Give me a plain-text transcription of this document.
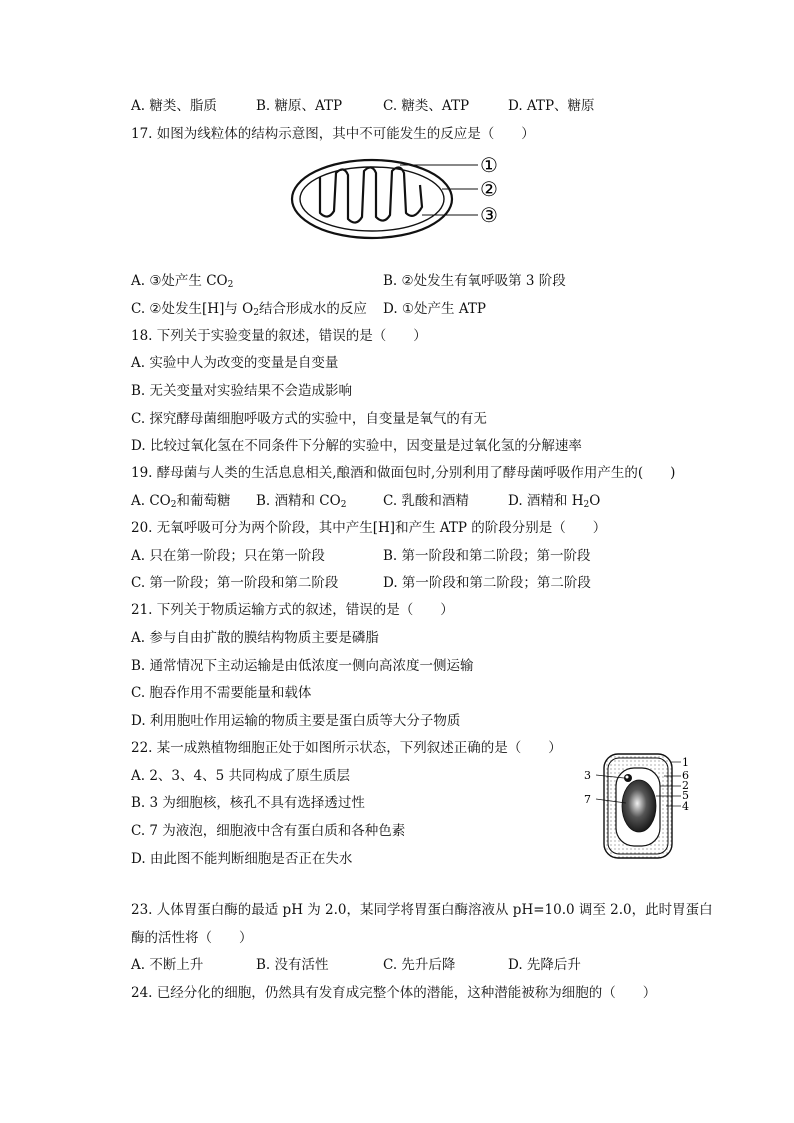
A. 糖类、脂质	B. 糖原、ATP	C. 糖类、ATP	D. ATP、糖原
17. 如图为线粒体的结构示意图，其中不可能发生的反应是（　　）
①
②
③
A. ③处产生 $CO_2$	B. ②处发生有氧呼吸第 3 阶段
C. ②处发生[H]与 $O_2$结合形成水的反应 D. ①处产生 ATP
18. 下列关于实验变量的叙述，错误的是（　　）
A. 实验中人为改变的变量是自变量
B. 无关变量对实验结果不会造成影响
C. 探究酵母菌细胞呼吸方式的实验中，自变量是氧气的有无
D. 比较过氧化氢在不同条件下分解的实验中，因变量是过氧化氢的分解速率
19. 酵母菌与人类的生活息息相关,酿酒和做面包时,分别利用了酵母菌呼吸作用产生的(　　)
A. $CO_2$和葡萄糖 B. 酒精和 $CO_2$	C. 乳酸和酒精	D. 酒精和 $H_2O$
20. 无氧呼吸可分为两个阶段，其中产生[H]和产生 ATP 的阶段分别是（　　）
A. 只在第一阶段；只在第一阶段	B. 第一阶段和第二阶段；第一阶段
C. 第一阶段；第一阶段和第二阶段	D. 第一阶段和第二阶段；第二阶段
21. 下列关于物质运输方式的叙述，错误的是（　　）
A. 参与自由扩散的膜结构物质主要是磷脂
B. 通常情况下主动运输是由低浓度一侧向高浓度一侧运输
C. 胞吞作用不需要能量和载体
D. 利用胞吐作用运输的物质主要是蛋白质等大分子物质
22. 某一成熟植物细胞正处于如图所示状态，下列叙述正确的是（　　）
A. 2、3、4、5 共同构成了原生质层
B. 3 为细胞核，核孔不具有选择透过性
C. 7 为液泡，细胞液中含有蛋白质和各种色素
D. 由此图不能判断细胞是否正在失水
1
6
2
5
4
3
7
23. 人体胃蛋白酶的最适 pH 为 2.0，某同学将胃蛋白酶溶液从 pH=10.0 调至 2.0，此时胃蛋白
酶的活性将（　　）
A. 不断上升	B. 没有活性	C. 先升后降	D. 先降后升
24. 已经分化的细胞，仍然具有发育成完整个体的潜能，这种潜能被称为细胞的（　　）
